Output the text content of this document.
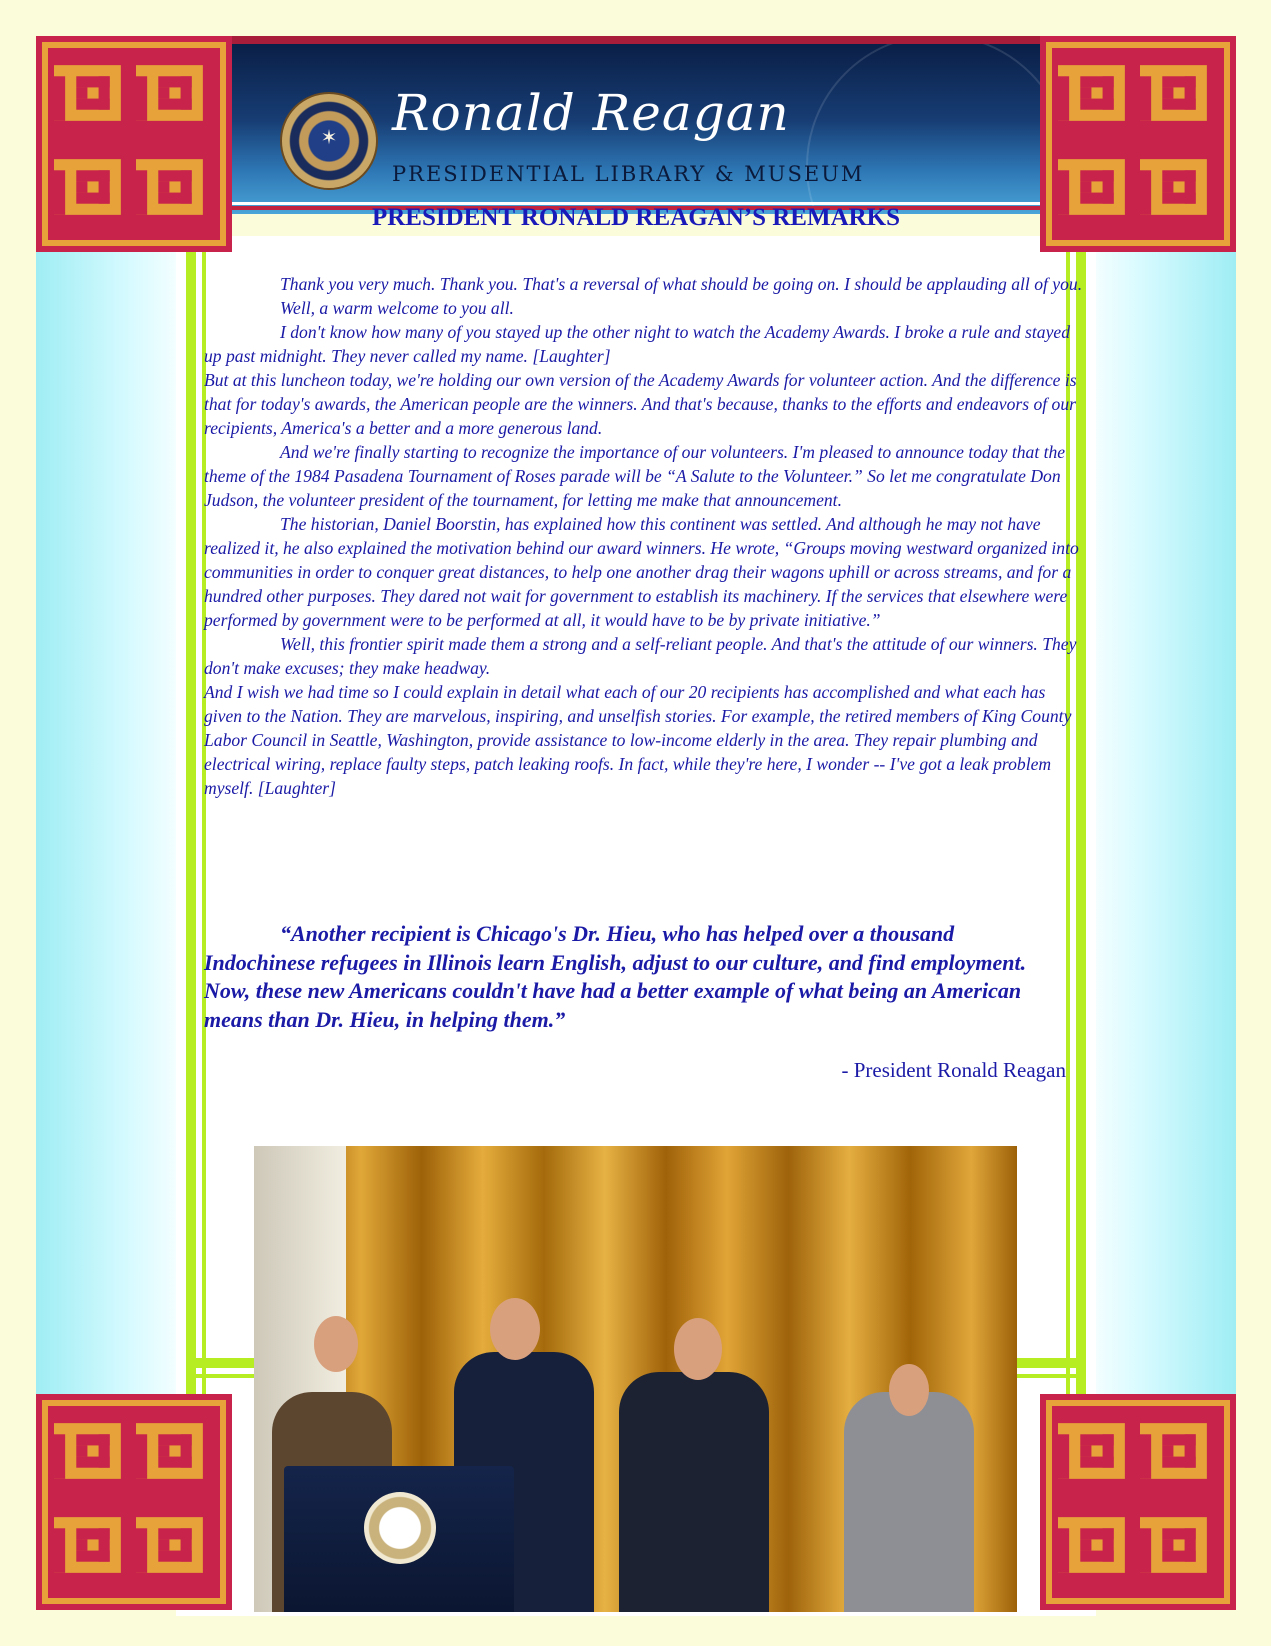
✶ Ronald Reagan
PRESIDENTIAL LIBRARY & MUSEUM
PRESIDENT RONALD REAGAN’S REMARKS

Thank you very much. Thank you. That's a reversal of what should be going on. I should be applauding all of you.

Well, a warm welcome to you all.

I don't know how many of you stayed up the other night to watch the Academy Awards. I broke a rule and stayed up past midnight. They never called my name. [Laughter]

But at this luncheon today, we're holding our own version of the Academy Awards for volunteer action. And the difference is that for today's awards, the American people are the winners. And that's because, thanks to the efforts and endeavors of our recipients, America's a better and a more generous land.

And we're finally starting to recognize the importance of our volunteers. I'm pleased to announce today that the theme of the 1984 Pasadena Tournament of Roses parade will be “A Salute to the Volunteer.” So let me congratulate Don Judson, the volunteer president of the tournament, for letting me make that announcement.

The historian, Daniel Boorstin, has explained how this continent was settled. And although he may not have realized it, he also explained the motivation behind our award winners. He wrote, “Groups moving westward organized into communities in order to conquer great distances, to help one another drag their wagons uphill or across streams, and for a hundred other purposes. They dared not wait for government to establish its machinery. If the services that elsewhere were performed by government were to be performed at all, it would have to be by private initiative.”

Well, this frontier spirit made them a strong and a self-reliant people. And that's the attitude of our winners. They don't make excuses; they make headway.

And I wish we had time so I could explain in detail what each of our 20 recipients has accomplished and what each has given to the Nation. They are marvelous, inspiring, and unselfish stories. For example, the retired members of King County Labor Council in Seattle, Washington, provide assistance to low-income elderly in the area. They repair plumbing and electrical wiring, replace faulty steps, patch leaking roofs. In fact, while they're here, I wonder -- I've got a leak problem myself. [Laughter]

“Another recipient is Chicago's Dr. Hieu, who has helped over a thousand Indochinese refugees in Illinois learn English, adjust to our culture, and find employment. Now, these new Americans couldn't have had a better example of what being an American means than Dr. Hieu, in helping them.”
- President Ronald Reagan
